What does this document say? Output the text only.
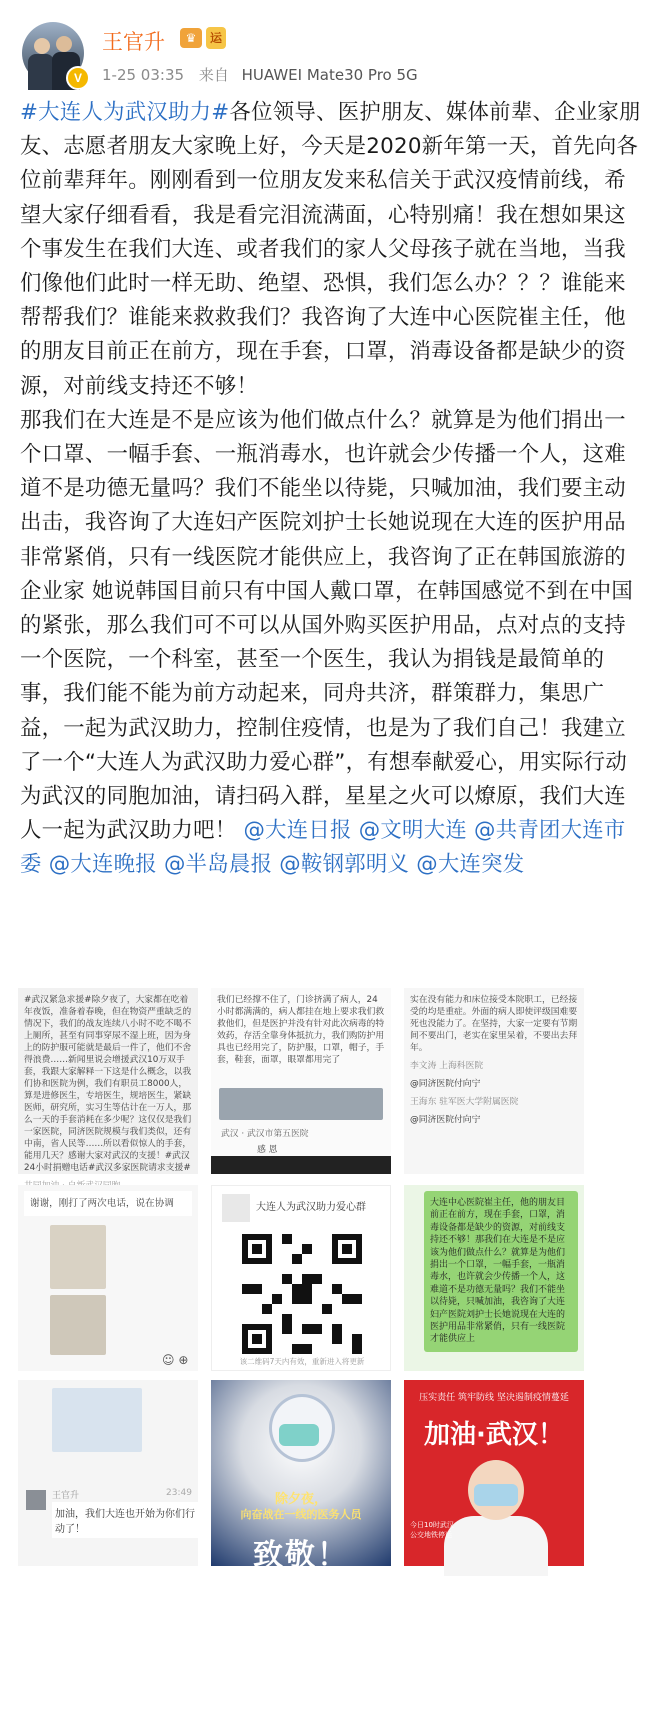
V
王官升	♛	运
1-25 03:35 来自 HUAWEI Mate30 Pro 5G

#大连人为武汉助力#各位领导、医护朋友、媒体前辈、企业家朋友、志愿者朋友大家晚上好，今天是2020新年第一天，首先向各位前辈拜年。刚刚看到一位朋友发来私信关于武汉疫情前线，希望大家仔细看看，我是看完泪流满面，心特别痛！我在想如果这个事发生在我们大连、或者我们的家人父母孩子就在当地，当我们像他们此时一样无助、绝望、恐惧，我们怎么办？？？谁能来帮帮我们？谁能来救救我们？我咨询了大连中心医院崔主任，他的朋友目前正在前方，现在手套，口罩，消毒设备都是缺少的资源，对前线支持还不够！

那我们在大连是不是应该为他们做点什么？就算是为他们捐出一个口罩、一幅手套、一瓶消毒水，也许就会少传播一个人，这难道不是功德无量吗？我们不能坐以待毙，只喊加油，我们要主动出击，我咨询了大连妇产医院刘护士长她说现在大连的医护用品非常紧俏，只有一线医院才能供应上，我咨询了正在韩国旅游的企业家 她说韩国目前只有中国人戴口罩，在韩国感觉不到在中国的紧张，那么我们可不可以从国外购买医护用品，点对点的支持一个医院，一个科室，甚至一个医生，我认为捐钱是最简单的事，我们能不能为前方动起来，同舟共济，群策群力，集思广益，一起为武汉助力，控制住疫情，也是为了我们自己！我建立了一个“大连人为武汉助力爱心群”，有想奉献爱心，用实际行动为武汉的同胞加油，请扫码入群，星星之火可以燎原，我们大连人一起为武汉助力吧！ @大连日报 @文明大连 @共青团大连市委 @大连晚报 @半岛晨报 @鞍钢郭明义 @大连突发

#武汉紧急求援#除夕夜了，大家都在吃着年夜饭，准备着春晚，但在物资严重缺乏的情况下，我们的战友连续八小时不吃不喝不上厕所，甚至有同事穿尿不湿上班，因为身上的防护服可能就是最后一件了，他们不舍得浪费……新闻里说会增援武汉10万双手套，我跟大家解释一下这是什么概念，以我们协和医院为例，我们有职员工8000人，算是进修医生，专培医生，规培医生，紧缺医师，研究所，实习生等估计在一万人，那么一天的手套消耗在多少呢？这仅仅是我们一家医院，同济医院规模与我们类似，还有中南，省人民等……所以看似惊人的手套，能用几天？感谢大家对武汉的支援！#武汉24小时捐赠电话#武汉多家医院请求支援#
我们已经撑不住了，门诊挤满了病人，24小时都满满的，病人都挂在地上要求我们救救他们，但是医护并没有针对此次病毒的特效药，存活全靠身体抵抗力，我们购防护用具也已经用完了，防护服，口罩，帽子，手套，鞋套，面罩，眼罩都用完了
武汉 · 武汉市第五医院
感 恩
实在没有能力和床位接受本院职工，已经接受的均是重症。外面的病人即使评级国难要死也没能力了。在坚持，大家一定要有节期间不要出门，老实在家里呆着，不要出去拜年。
李文涛 上海科医院
@同济医院付向宁
王海东 驻军医大学附属医院
@同济医院付向宁
谢谢，刚打了两次电话，说在协调
☺ ⊕
大连人为武汉助力爱心群
该二维码7天内有效，重新进入将更新
大连中心医院崔主任，他的朋友目前正在前方，现在手套，口罩，消毒设备都是缺少的资源，对前线支持还不够！那我们在大连是不是应该为他们做点什么？就算是为他们捐出一个口罩，一幅手套，一瓶消毒水，也许就会少传播一个人，这难道不是功德无量吗？我们不能坐以待毙，只喊加油，我咨询了大连妇产医院刘护士长她说现在大连的医护用品非常紧俏，只有一线医院才能供应上
王官升	23:49
加油，我们大连也开始为你们行动了！
除夕夜，
向奋战在一线的医务人员
致敬！
压实责任 筑牢防线 坚决遏制疫情蔓延
加油·武汉！
今日10时武汉公交地铁停运
